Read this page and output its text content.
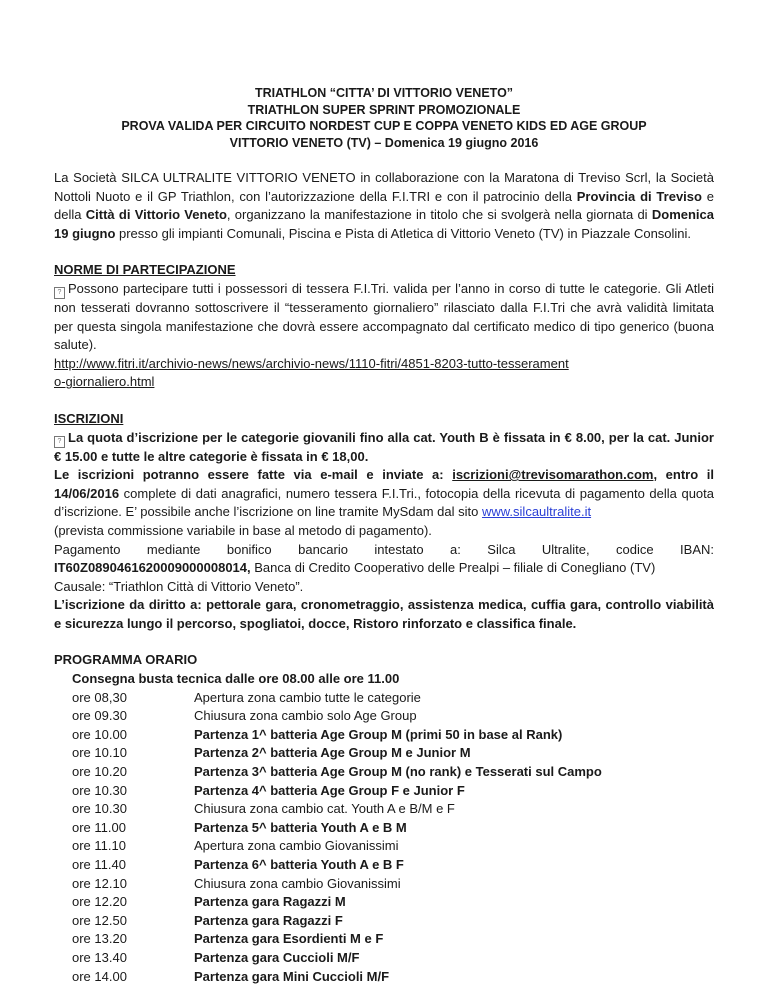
TRIATHLON “CITTA’ DI VITTORIO VENETO”
TRIATHLON SUPER SPRINT PROMOZIONALE
PROVA VALIDA PER CIRCUITO NORDEST CUP E COPPA VENETO KIDS ED AGE GROUP
VITTORIO VENETO (TV) – Domenica 19 giugno 2016

La Società SILCA ULTRALITE VITTORIO VENETO in collaborazione con la Maratona di Treviso Scrl, la Società Nottoli Nuoto e il GP Triathlon, con l’autorizzazione della F.I.TRI e con il patrocinio della Provincia di Treviso e della Città di Vittorio Veneto, organizzano la manifestazione in titolo che si svolgerà nella giornata di Domenica 19 giugno presso gli impianti Comunali, Piscina e Pista di Atletica di Vittorio Veneto (TV) in Piazzale Consolini.

NORME DI PARTECIPAZIONE

? Possono partecipare tutti i possessori di tessera F.I.Tri. valida per l’anno in corso di tutte le categorie. Gli Atleti non tesserati dovranno sottoscrivere il “tesseramento giornaliero” rilasciato dalla F.I.Tri che avrà validità limitata per questa singola manifestazione che dovrà essere accompagnato dal certificato medico di tipo generico (buona salute).

http://www.fitri.it/archivio-news/news/archivio-news/1110-fitri/4851-8203-tutto-tesseramento-giornaliero.html

ISCRIZIONI

? La quota d’iscrizione per le categorie giovanili fino alla cat. Youth B è fissata in € 8.00, per la cat. Junior € 15.00 e tutte le altre categorie è fissata in € 18,00.

Le iscrizioni potranno essere fatte via e-mail e inviate a: iscrizioni@trevisomarathon.com, entro il 14/06/2016 complete di dati anagrafici, numero tessera F.I.Tri., fotocopia della ricevuta di pagamento della quota d’iscrizione. E’ possibile anche l’iscrizione on line tramite MySdam dal sito www.silcaultralite.it

(prevista commissione variabile in base al metodo di pagamento).

Pagamento mediante bonifico bancario intestato a: Silca Ultralite, codice IBAN:

IT60Z0890461620009000008014, Banca di Credito Cooperativo delle Prealpi – filiale di Conegliano (TV)

Causale: “Triathlon Città di Vittorio Veneto”.

L’iscrizione da diritto a: pettorale gara, cronometraggio, assistenza medica, cuffia gara, controllo viabilità e sicurezza lungo il percorso, spogliatoi, docce, Ristoro rinforzato e classifica finale.

PROGRAMMA ORARIO

Consegna busta tecnica dalle ore 08.00 alle ore 11.00
ore 08,30	Apertura zona cambio tutte le categorie
ore 09.30	Chiusura zona cambio solo Age Group
ore 10.00	Partenza 1^ batteria Age Group M (primi 50 in base al Rank)
ore 10.10	Partenza 2^ batteria Age Group M e Junior M
ore 10.20	Partenza 3^ batteria Age Group M (no rank) e Tesserati sul Campo
ore 10.30	Partenza 4^ batteria Age Group F e Junior F
ore 10.30	Chiusura zona cambio cat. Youth A e B/M e F
ore 11.00	Partenza 5^ batteria Youth A e B M
ore 11.10	Apertura zona cambio Giovanissimi
ore 11.40	Partenza 6^ batteria Youth A e B F
ore 12.10	Chiusura zona cambio Giovanissimi
ore 12.20	Partenza gara Ragazzi M
ore 12.50	Partenza gara Ragazzi F
ore 13.20	Partenza gara Esordienti M e F
ore 13.40	Partenza gara Cuccioli M/F
ore 14.00	Partenza gara Mini Cuccioli M/F
